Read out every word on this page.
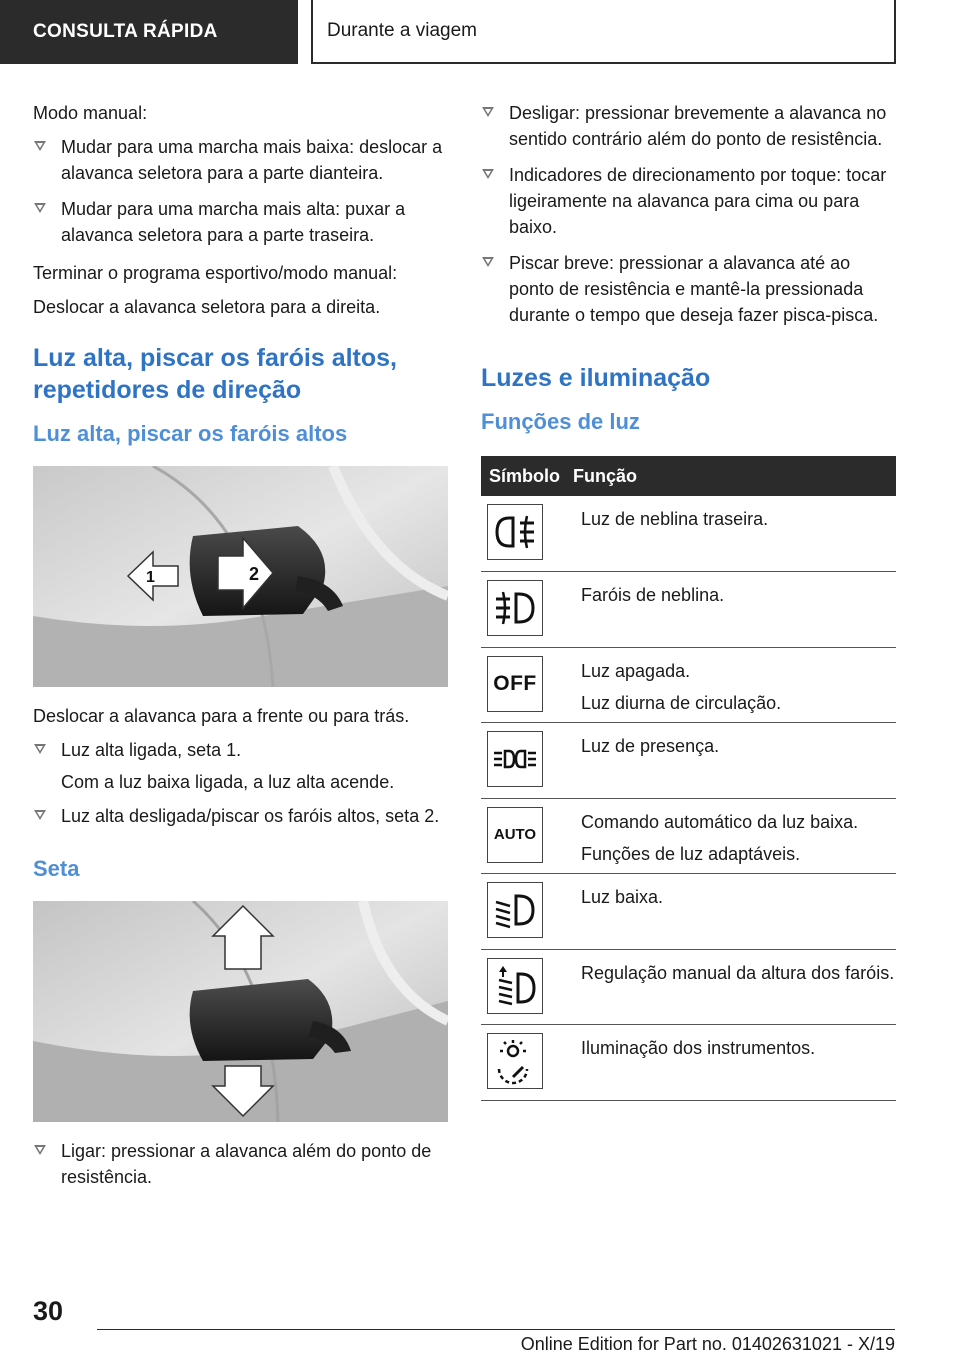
CONSULTA RÁPIDA	Durante a viagem

Modo manual:

Mudar para uma marcha mais baixa: deslocar a alavanca seletora para a parte dianteira.
Mudar para uma marcha mais alta: puxar a alavanca seletora para a parte traseira.

Terminar o programa esportivo/modo manual:

Deslocar a alavanca seletora para a direita.

Luz alta, piscar os faróis altos, repetidores de direção
Luz alta, piscar os faróis altos
1	2

Deslocar a alavanca para a frente ou para trás.

Luz alta ligada, seta 1.
Com a luz baixa ligada, a luz alta acende.
Luz alta desligada/piscar os faróis altos, seta 2.
Seta
Ligar: pressionar a alavanca além do ponto de resistência.
Desligar: pressionar brevemente a alavanca no sentido contrário além do ponto de resistência.
Indicadores de direcionamento por toque: tocar ligeiramente na alavanca para cima ou para baixo.
Piscar breve: pressionar a alavanca até ao ponto de resistência e mantê-la pressionada durante o tempo que deseja fazer pisca-pisca.
Luzes e iluminação
Funções de luz
Símbolo	Função

Luz de neblina traseira.

Faróis de neblina.

OFF	Luz apagada.
Luz diurna de circulação.

Luz de presença.

AUTO	Comando automático da luz baixa.
Funções de luz adaptáveis.

Luz baixa.

Regulação manual da altura dos faróis.

Iluminação dos instrumentos.
30
Online Edition for Part no. 01402631021 - X/19
